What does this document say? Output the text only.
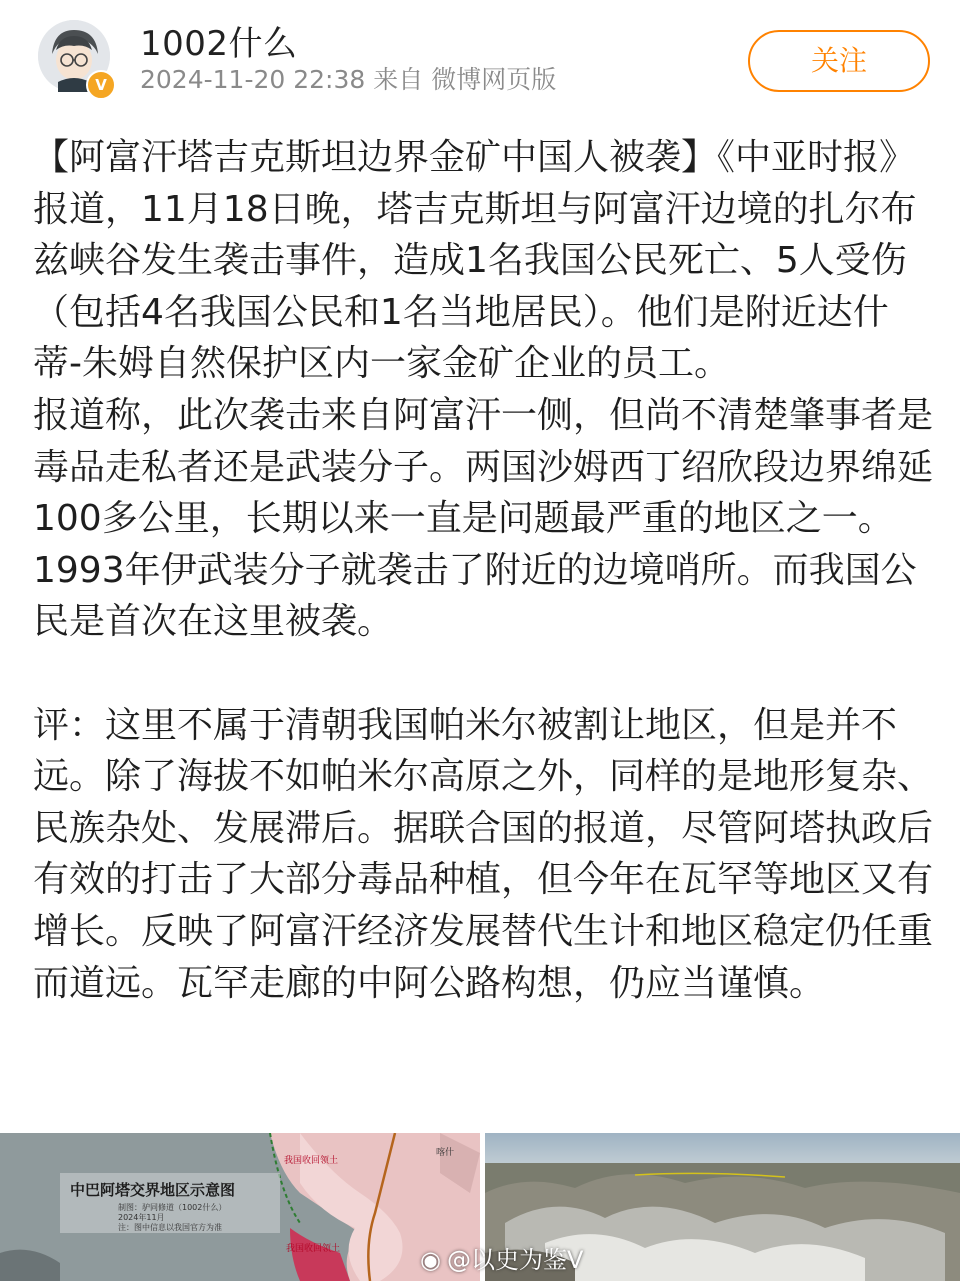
V
1002什么
2024-11-20 22:38 来自 微博网页版
关注

【阿富汗塔吉克斯坦边界金矿中国人被袭】《中亚时报》报道，11月18日晚，塔吉克斯坦与阿富汗边境的扎尔布兹峡谷发生袭击事件，造成1名我国公民死亡、5人受伤（包括4名我国公民和1名当地居民）。他们是附近达什蒂-朱姆自然保护区内一家金矿企业的员工。

报道称，此次袭击来自阿富汗一侧，但尚不清楚肇事者是毒品走私者还是武装分子。两国沙姆西丁绍欣段边界绵延100多公里，长期以来一直是问题最严重的地区之一。1993年伊武装分子就袭击了附近的边境哨所。而我国公民是首次在这里被袭。

评：这里不属于清朝我国帕米尔被割让地区，但是并不远。除了海拔不如帕米尔高原之外，同样的是地形复杂、民族杂处、发展滞后。据联合国的报道，尽管阿塔执政后有效的打击了大部分毒品种植，但今年在瓦罕等地区又有增长。反映了阿富汗经济发展替代生计和地区稳定仍任重而道远。瓦罕走廊的中阿公路构想，仍应当谨慎。

中巴阿塔交界地区示意图
制图：驴同修道（1002什么）
2024年11月
注：图中信息以我国官方为准
我国收回领土
我国收回领土
喀什
◉ @以史为鉴V
